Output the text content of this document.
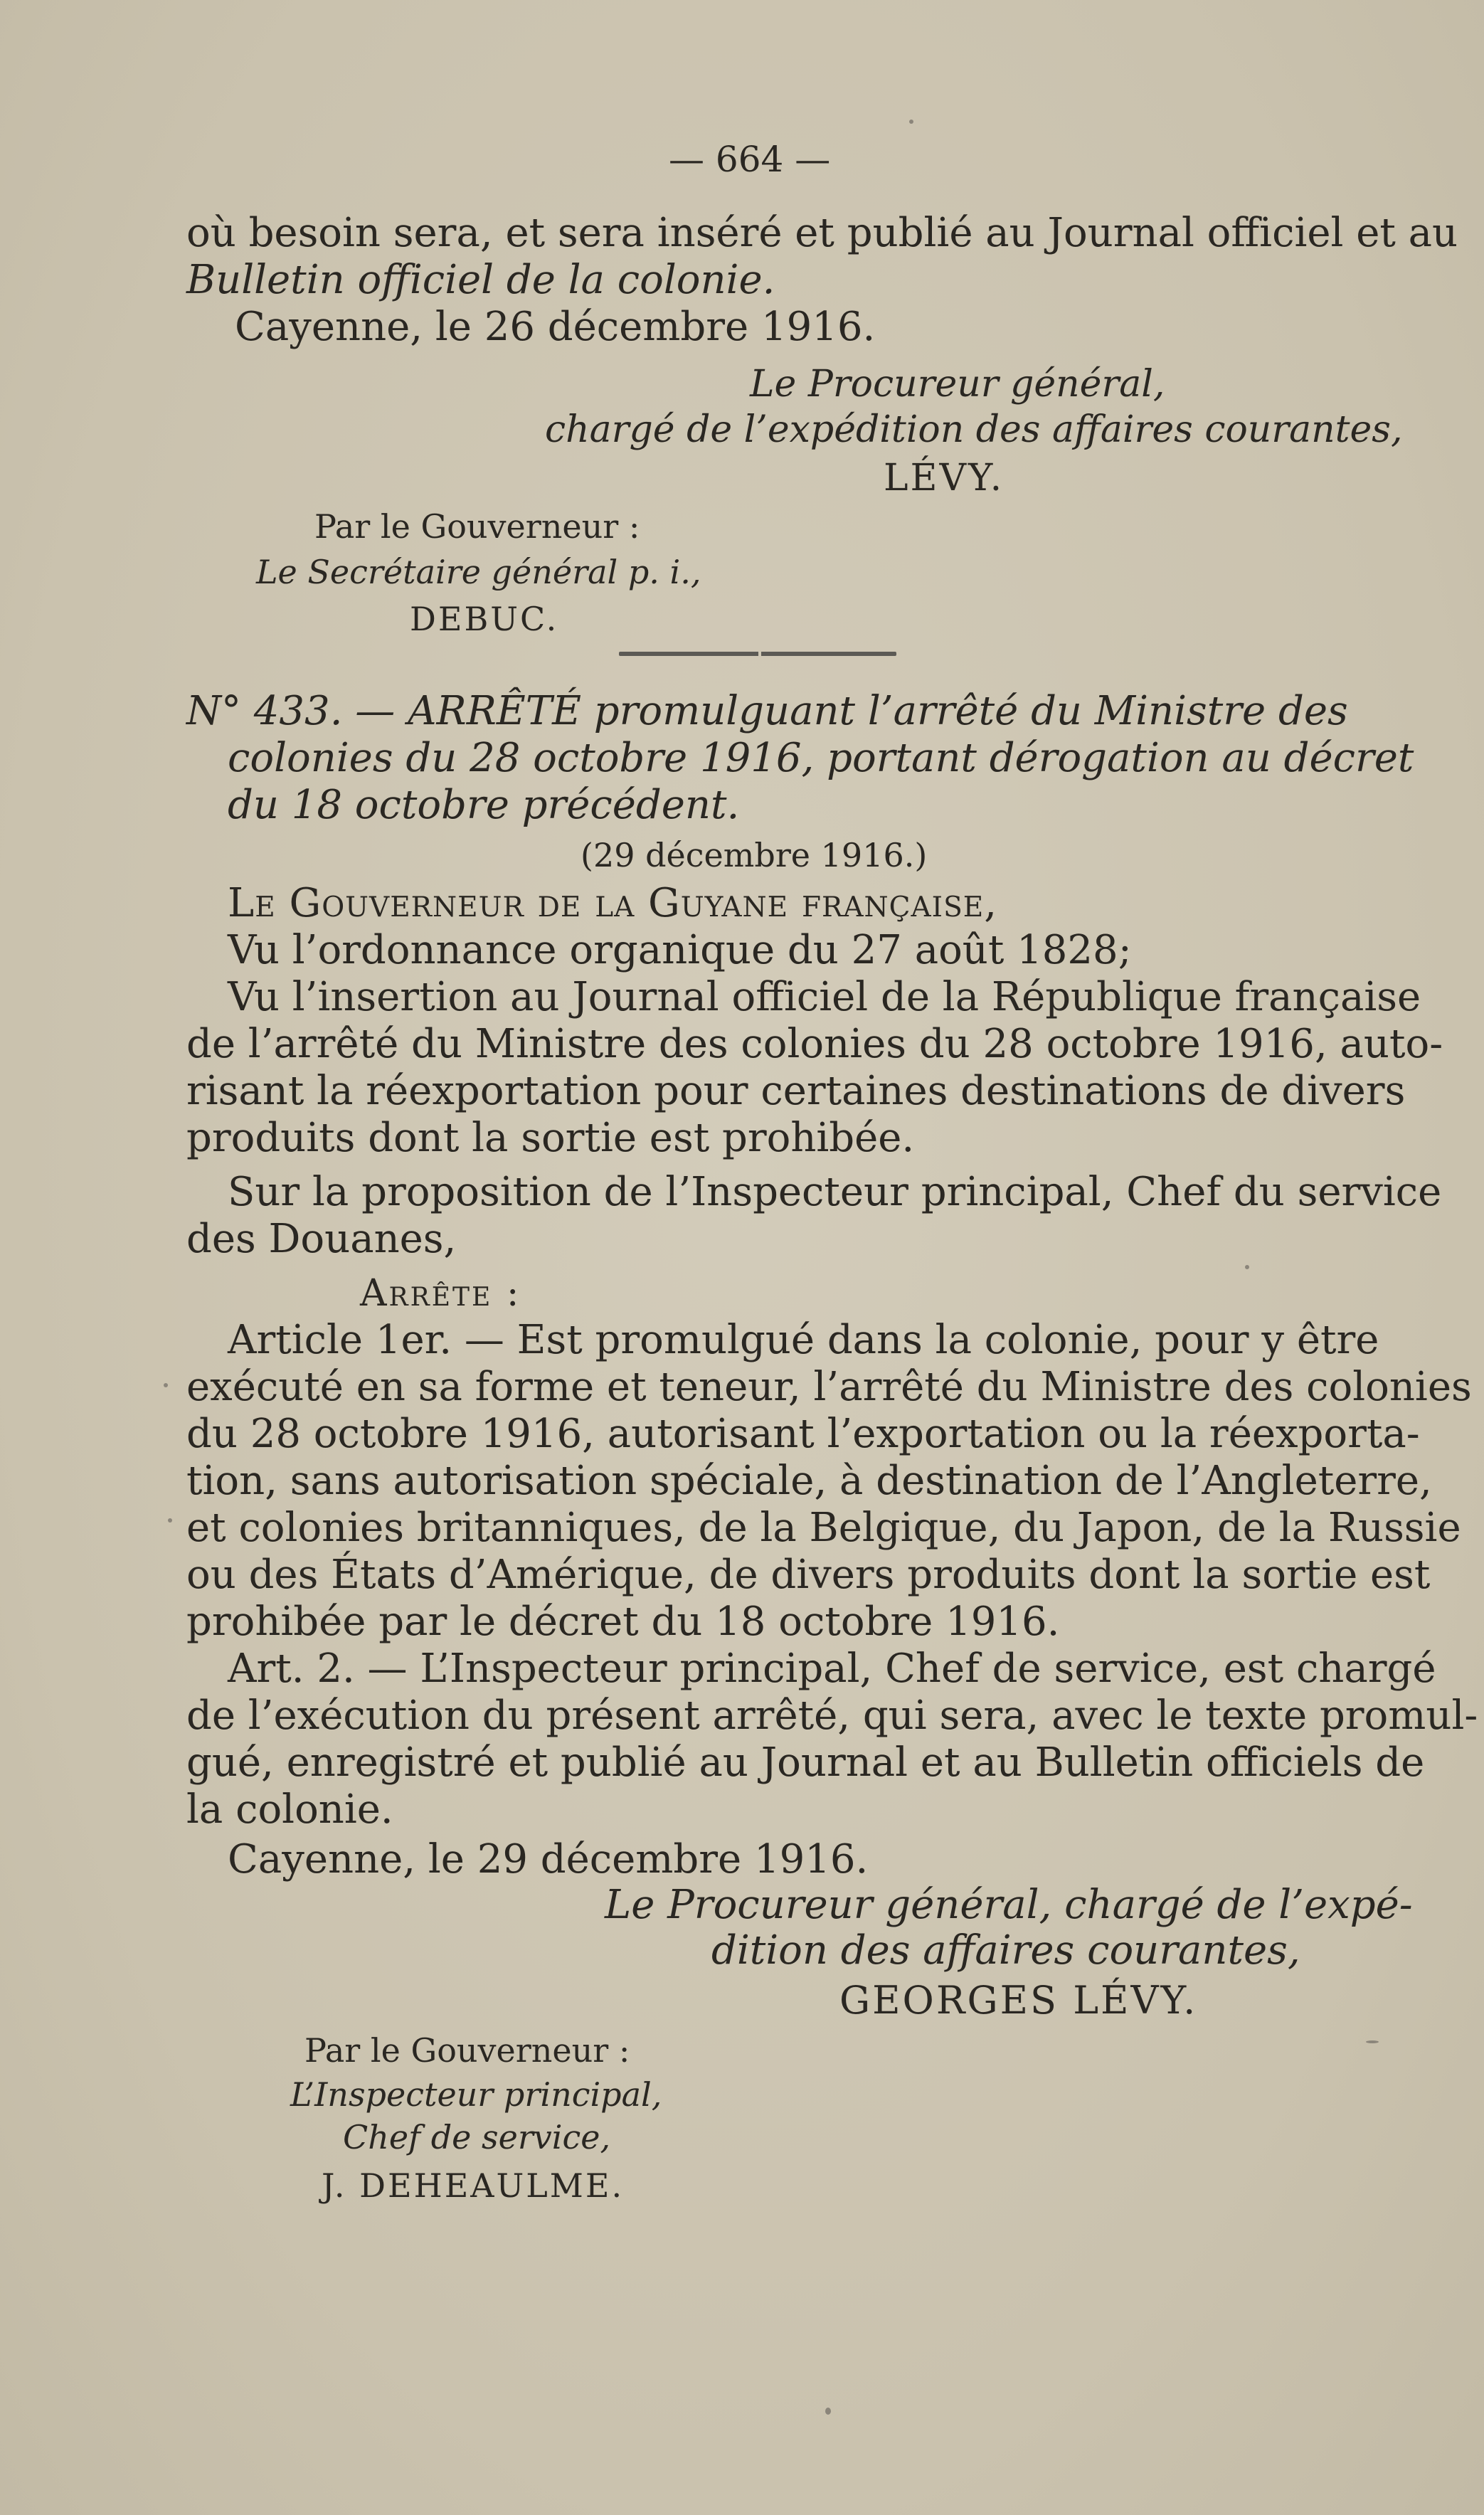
— 664 —
où besoin sera, et sera inséré et publié au Journal officiel et au
Bulletin officiel de la colonie.
Cayenne, le 26 décembre 1916.
Le Procureur général,
chargé de l’expédition des affaires courantes,
LÉVY.
Par le Gouverneur :
Le Secrétaire général p. i.,
DEBUC.
N° 433. — ARRÊTÉ promulguant l’arrêté du Ministre des
colonies du 28 octobre 1916, portant dérogation au décret
du 18 octobre précédent.
(29 décembre 1916.)
Le Gouverneur de la Guyane française,
Vu l’ordonnance organique du 27 août 1828;
Vu l’insertion au Journal officiel de la République française
de l’arrêté du Ministre des colonies du 28 octobre 1916, auto-
risant la réexportation pour certaines destinations de divers
produits dont la sortie est prohibée.
Sur la proposition de l’Inspecteur principal, Chef du service
des Douanes,
Arrête :
Article 1er. — Est promulgué dans la colonie, pour y être
exécuté en sa forme et teneur, l’arrêté du Ministre des colonies
du 28 octobre 1916, autorisant l’exportation ou la réexporta-
tion, sans autorisation spéciale, à destination de l’Angleterre,
et colonies britanniques, de la Belgique, du Japon, de la Russie
ou des États d’Amérique, de divers produits dont la sortie est
prohibée par le décret du 18 octobre 1916.
Art. 2. — L’Inspecteur principal, Chef de service, est chargé
de l’exécution du présent arrêté, qui sera, avec le texte promul-
gué, enregistré et publié au Journal et au Bulletin officiels de
la colonie.
Cayenne, le 29 décembre 1916.
Le Procureur général, chargé de l’expé-
dition des affaires courantes,
GEORGES LÉVY.
Par le Gouverneur :
L’Inspecteur principal,
Chef de service,
J. DEHEAULME.
